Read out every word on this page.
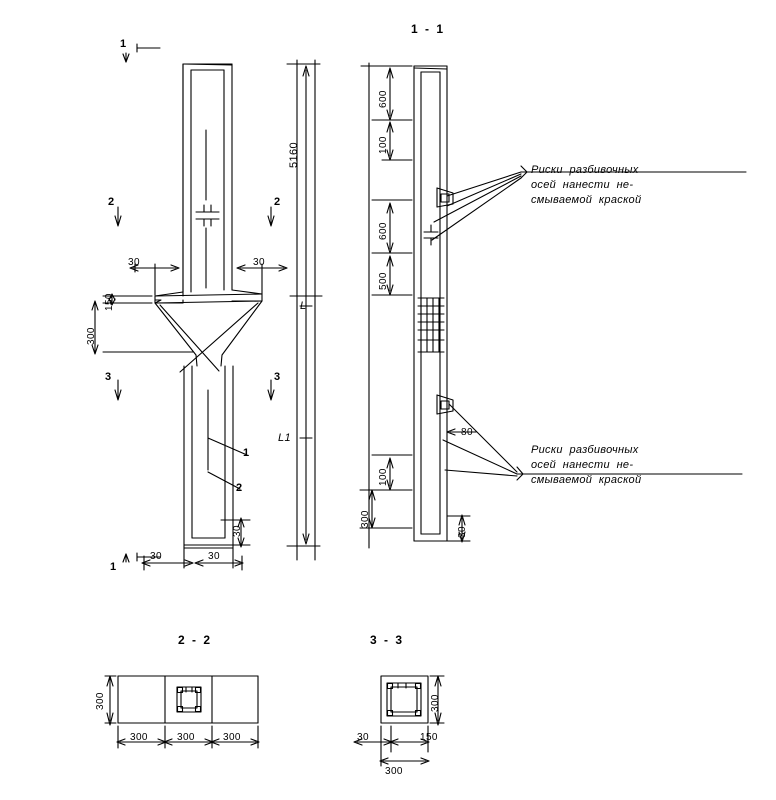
1
2	2
3	3
1
5160
30	30
150
300
30	30
30
1
2
L
L1
1 - 1
600
100
600
500
100
300
30
80
Риски  разбивочных
осей  нанести  не-
смываемой  краской
Риски  разбивочных
осей  нанести  не-
смываемой  краской
2 - 2
300
300	300	300
3 - 3
300
30	150
300
